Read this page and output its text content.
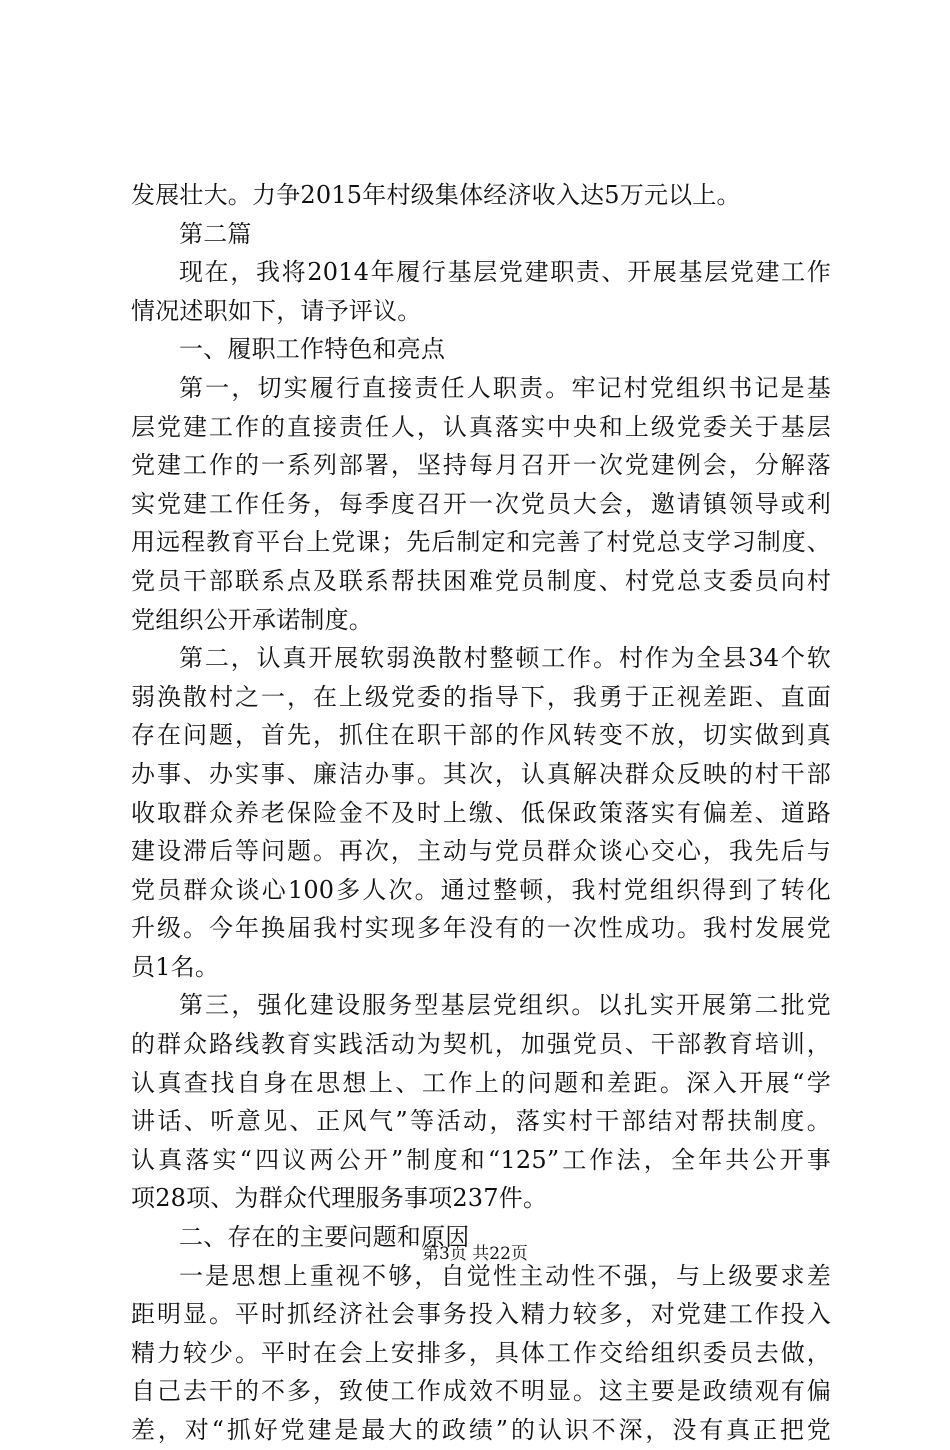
发展壮大。力争2015年村级集体经济收入达5万元以上。
第二篇
现在，我将2014年履行基层党建职责、开展基层党建工作
情况述职如下，请予评议。
一、履职工作特色和亮点
第一，切实履行直接责任人职责。牢记村党组织书记是基
层党建工作的直接责任人，认真落实中央和上级党委关于基层
党建工作的一系列部署，坚持每月召开一次党建例会，分解落
实党建工作任务，每季度召开一次党员大会，邀请镇领导或利
用远程教育平台上党课；先后制定和完善了村党总支学习制度、
党员干部联系点及联系帮扶困难党员制度、村党总支委员向村
党组织公开承诺制度。
第二，认真开展软弱涣散村整顿工作。村作为全县34个软
弱涣散村之一，在上级党委的指导下，我勇于正视差距、直面
存在问题，首先，抓住在职干部的作风转变不放，切实做到真
办事、办实事、廉洁办事。其次，认真解决群众反映的村干部
收取群众养老保险金不及时上缴、低保政策落实有偏差、道路
建设滞后等问题。再次，主动与党员群众谈心交心，我先后与
党员群众谈心100多人次。通过整顿，我村党组织得到了转化
升级。今年换届我村实现多年没有的一次性成功。我村发展党
员1名。
第三，强化建设服务型基层党组织。以扎实开展第二批党
的群众路线教育实践活动为契机，加强党员、干部教育培训，
认真查找自身在思想上、工作上的问题和差距。深入开展“学
讲话、听意见、正风气”等活动，落实村干部结对帮扶制度。
认真落实“四议两公开”制度和“125”工作法，全年共公开事
项28项、为群众代理服务事项237件。
二、存在的主要问题和原因
一是思想上重视不够，自觉性主动性不强，与上级要求差
距明显。平时抓经济社会事务投入精力较多，对党建工作投入
精力较少。平时在会上安排多，具体工作交给组织委员去做，
自己去干的不多，致使工作成效不明显。这主要是政绩观有偏
差，对“抓好党建是最大的政绩”的认识不深，没有真正把党
第3页 共22页
